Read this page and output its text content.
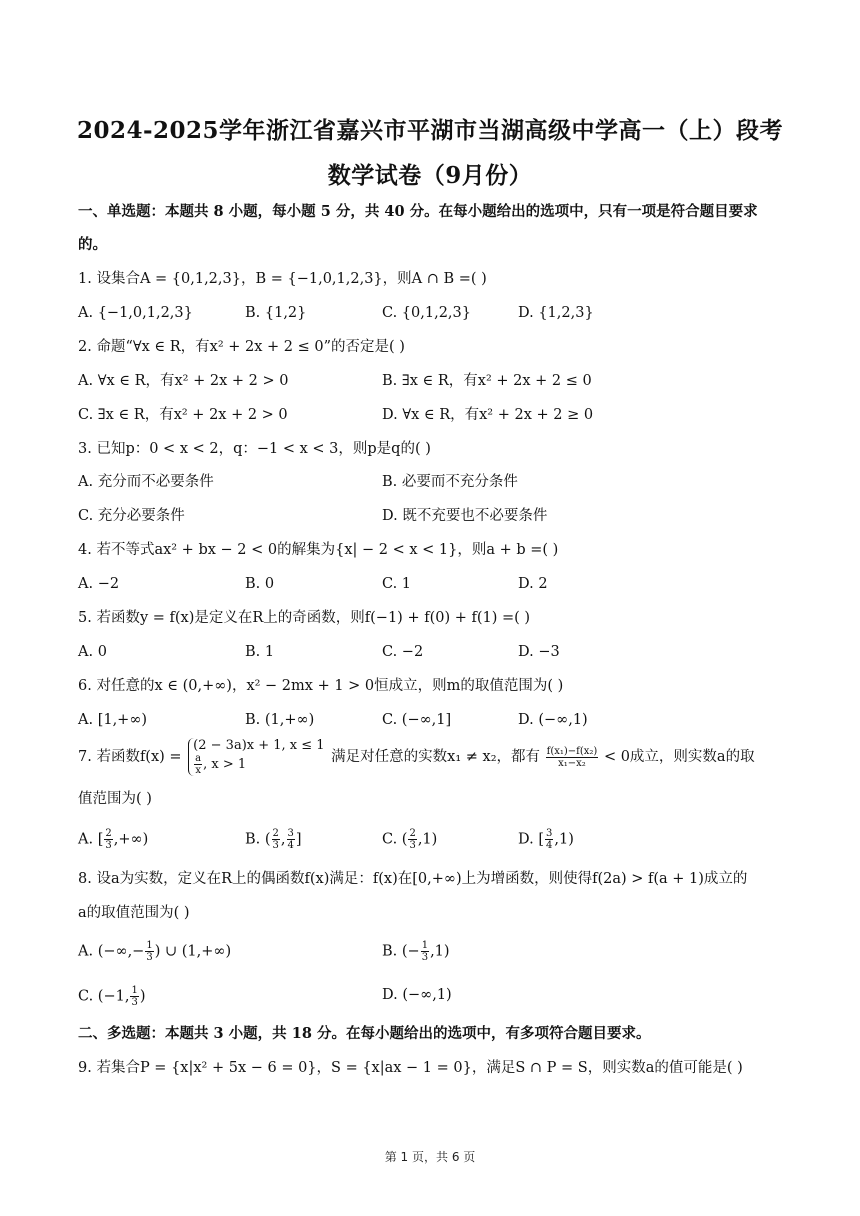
2024-2025学年浙江省嘉兴市平湖市当湖高级中学高一（上）段考
数学试卷（9月份）
一、单选题：本题共 8 小题，每小题 5 分，共 40 分。在每小题给出的选项中，只有一项是符合题目要求
的。
1. 设集合A = {0,1,2,3}，B = {−1,0,1,2,3}，则A ∩ B =( )
A. {−1,0,1,2,3}	B. {1,2}	C. {0,1,2,3}	D. {1,2,3}
2. 命题“∀x ∈ R，有x² + 2x + 2 ≤ 0”的否定是( )
A. ∀x ∈ R，有x² + 2x + 2 > 0	B. ∃x ∈ R，有x² + 2x + 2 ≤ 0
C. ∃x ∈ R，有x² + 2x + 2 > 0	D. ∀x ∈ R，有x² + 2x + 2 ≥ 0
3. 已知p：0 < x < 2，q：−1 < x < 3，则p是q的( )
A. 充分而不必要条件	B. 必要而不充分条件
C. 充分必要条件	D. 既不充要也不必要条件
4. 若不等式ax² + bx − 2 < 0的解集为{x| − 2 < x < 1}，则a + b =( )
A. −2	B. 0	C. 1	D. 2
5. 若函数y = f(x)是定义在R上的奇函数，则f(−1) + f(0) + f(1) =( )
A. 0	B. 1	C. −2	D. −3
6. 对任意的x ∈ (0,+∞)，x² − 2mx + 1 > 0恒成立，则m的取值范围为( )
A. [1,+∞)	B. (1,+∞)	C. (−∞,1]	D. (−∞,1)
7. 若函数f(x) =
(2 − 3a)x + 1, x ≤ 1
$\frac{a}{x}$ , x > 1	满足对任意的实数x₁ ≠ x₂，都有 $\frac{\text{f(x₁)−f(x₂)}}{\text{x₁−x₂}} < 0$成立，则实数a的取
值范围为( )
A. [ $\frac{2}{3}$ ,+∞)	B. ( $\frac{2}{3}$ , $\frac{3}{4}$ ]	C. ( $\frac{2}{3} ,1$)	D. [ $\frac{3}{4} ,1$)
8. 设a为实数，定义在R上的偶函数f(x)满足：f(x)在[0,+∞)上为增函数，则使得f(2a) > f(a + 1)成立的
a的取值范围为( )
A. (−∞,− $\frac{1}{3}$ ) ∪ (1,+∞)	B. (− $\frac{1}{3} ,1$)
C. (−1, $\frac{1}{3}$ )	D. (−∞,1)
二、多选题：本题共 3 小题，共 18 分。在每小题给出的选项中，有多项符合题目要求。
9. 若集合P = {x|x² + 5x − 6 = 0}，S = {x|ax − 1 = 0}，满足S ∩ P = S，则实数a的值可能是( )
第 1 页，共 6 页
